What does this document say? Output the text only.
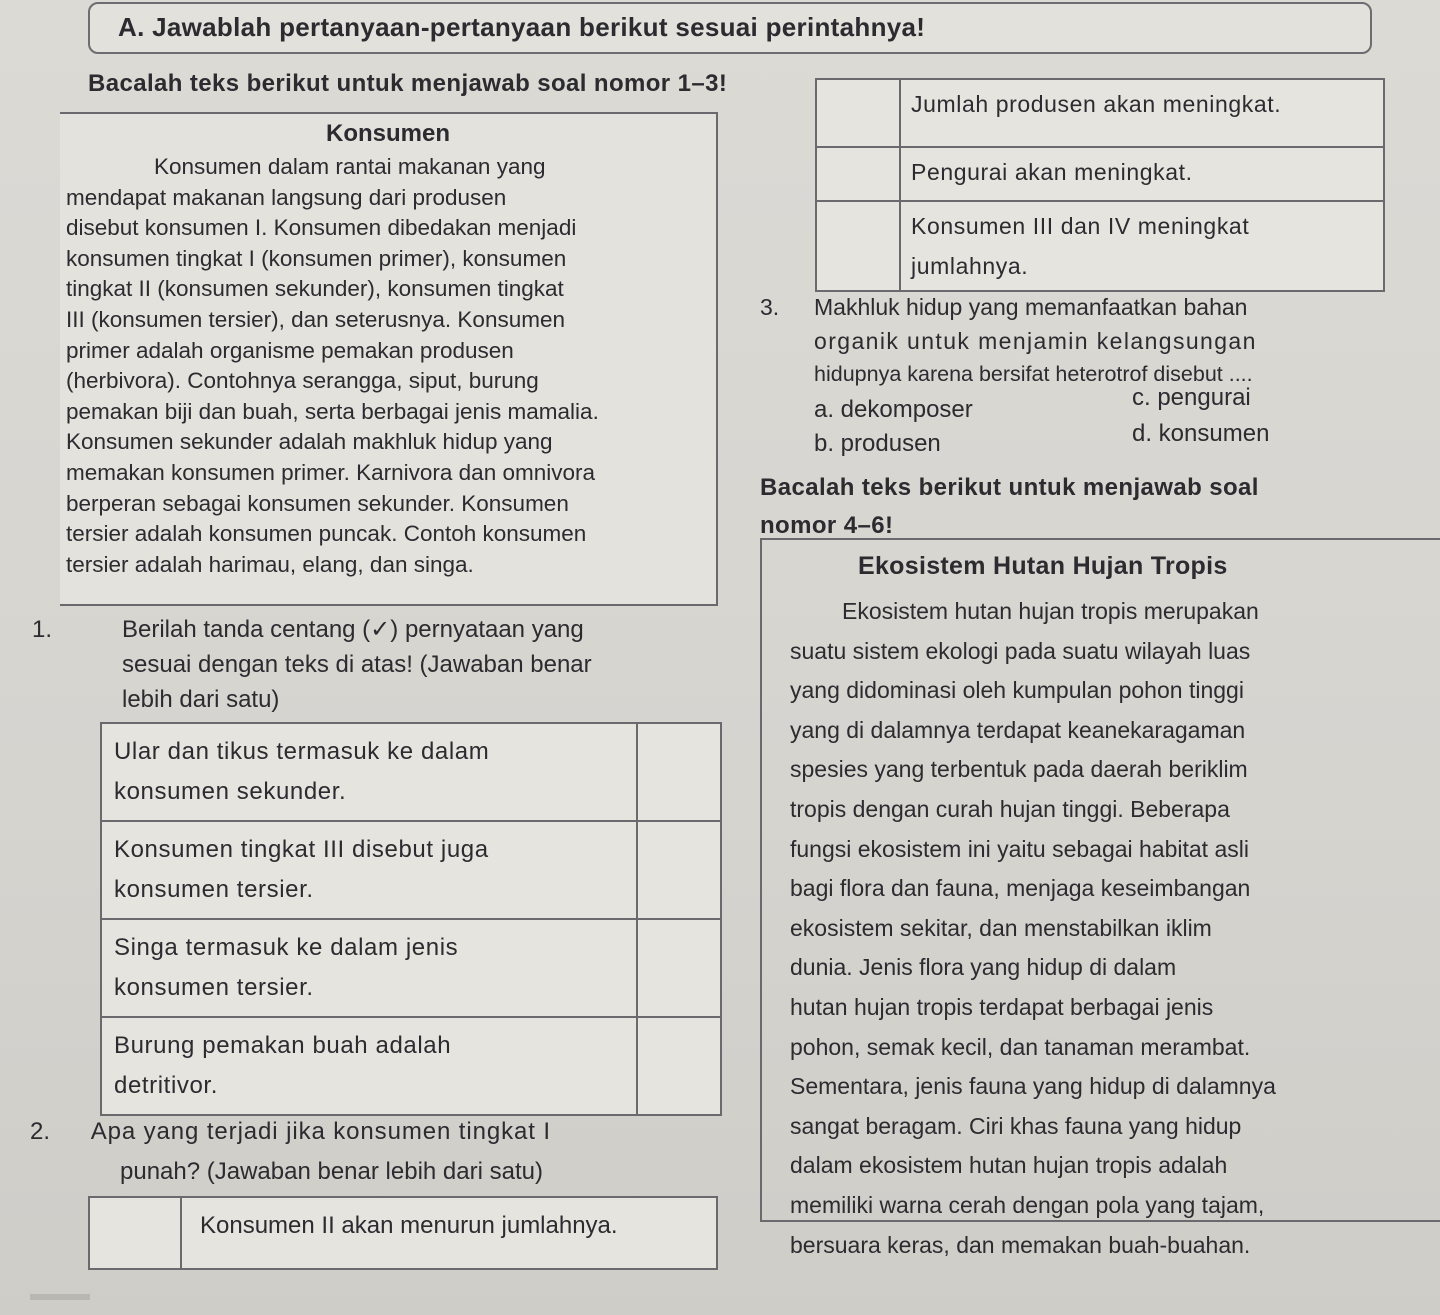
A. Jawablah pertanyaan-pertanyaan berikut sesuai perintahnya!
Bacalah teks berikut untuk menjawab soal nomor 1–3!
Konsumen
Konsumen dalam rantai makanan yang
mendapat makanan langsung dari produsen
disebut konsumen I. Konsumen dibedakan menjadi
konsumen tingkat I (konsumen primer), konsumen
tingkat II (konsumen sekunder), konsumen tingkat
III (konsumen tersier), dan seterusnya. Konsumen
primer adalah organisme pemakan produsen
(herbivora). Contohnya serangga, siput, burung
pemakan biji dan buah, serta berbagai jenis mamalia.
Konsumen sekunder adalah makhluk hidup yang
memakan konsumen primer. Karnivora dan omnivora
berperan sebagai konsumen sekunder. Konsumen
tersier adalah konsumen puncak. Contoh konsumen
tersier adalah harimau, elang, dan singa.
1.	Berilah tanda centang (✓) pernyataan yang
sesuai dengan teks di atas! (Jawaban benar
lebih dari satu)
Ular dan tikus termasuk ke dalam
konsumen sekunder.	

Konsumen tingkat III disebut juga
konsumen tersier.	

Singa termasuk ke dalam jenis
konsumen tersier.	

Burung pemakan buah adalah
detritivor.	

2. Apa yang terjadi jika konsumen tingkat I
punah? (Jawaban benar lebih dari satu)

Konsumen II akan menurun jumlahnya.

	Jumlah produsen akan meningkat.

	Pengurai akan meningkat.

	Konsumen III dan IV meningkat
jumlahnya.
3. Makhluk hidup yang memanfaatkan bahan
organik untuk menjamin kelangsungan
hidupnya karena bersifat heterotrof disebut ....
a. dekomposer
b. produsen
c. pengurai
d. konsumen
Bacalah teks berikut untuk menjawab soal
nomor 4–6!
Ekosistem Hutan Hujan Tropis
Ekosistem hutan hujan tropis merupakan
suatu sistem ekologi pada suatu wilayah luas
yang didominasi oleh kumpulan pohon tinggi
yang di dalamnya terdapat keanekaragaman
spesies yang terbentuk pada daerah beriklim
tropis dengan curah hujan tinggi. Beberapa
fungsi ekosistem ini yaitu sebagai habitat asli
bagi flora dan fauna, menjaga keseimbangan
ekosistem sekitar, dan menstabilkan iklim
dunia. Jenis flora yang hidup di dalam
hutan hujan tropis terdapat berbagai jenis
pohon, semak kecil, dan tanaman merambat.
Sementara, jenis fauna yang hidup di dalamnya
sangat beragam. Ciri khas fauna yang hidup
dalam ekosistem hutan hujan tropis adalah
memiliki warna cerah dengan pola yang tajam,
bersuara keras, dan memakan buah-buahan.
